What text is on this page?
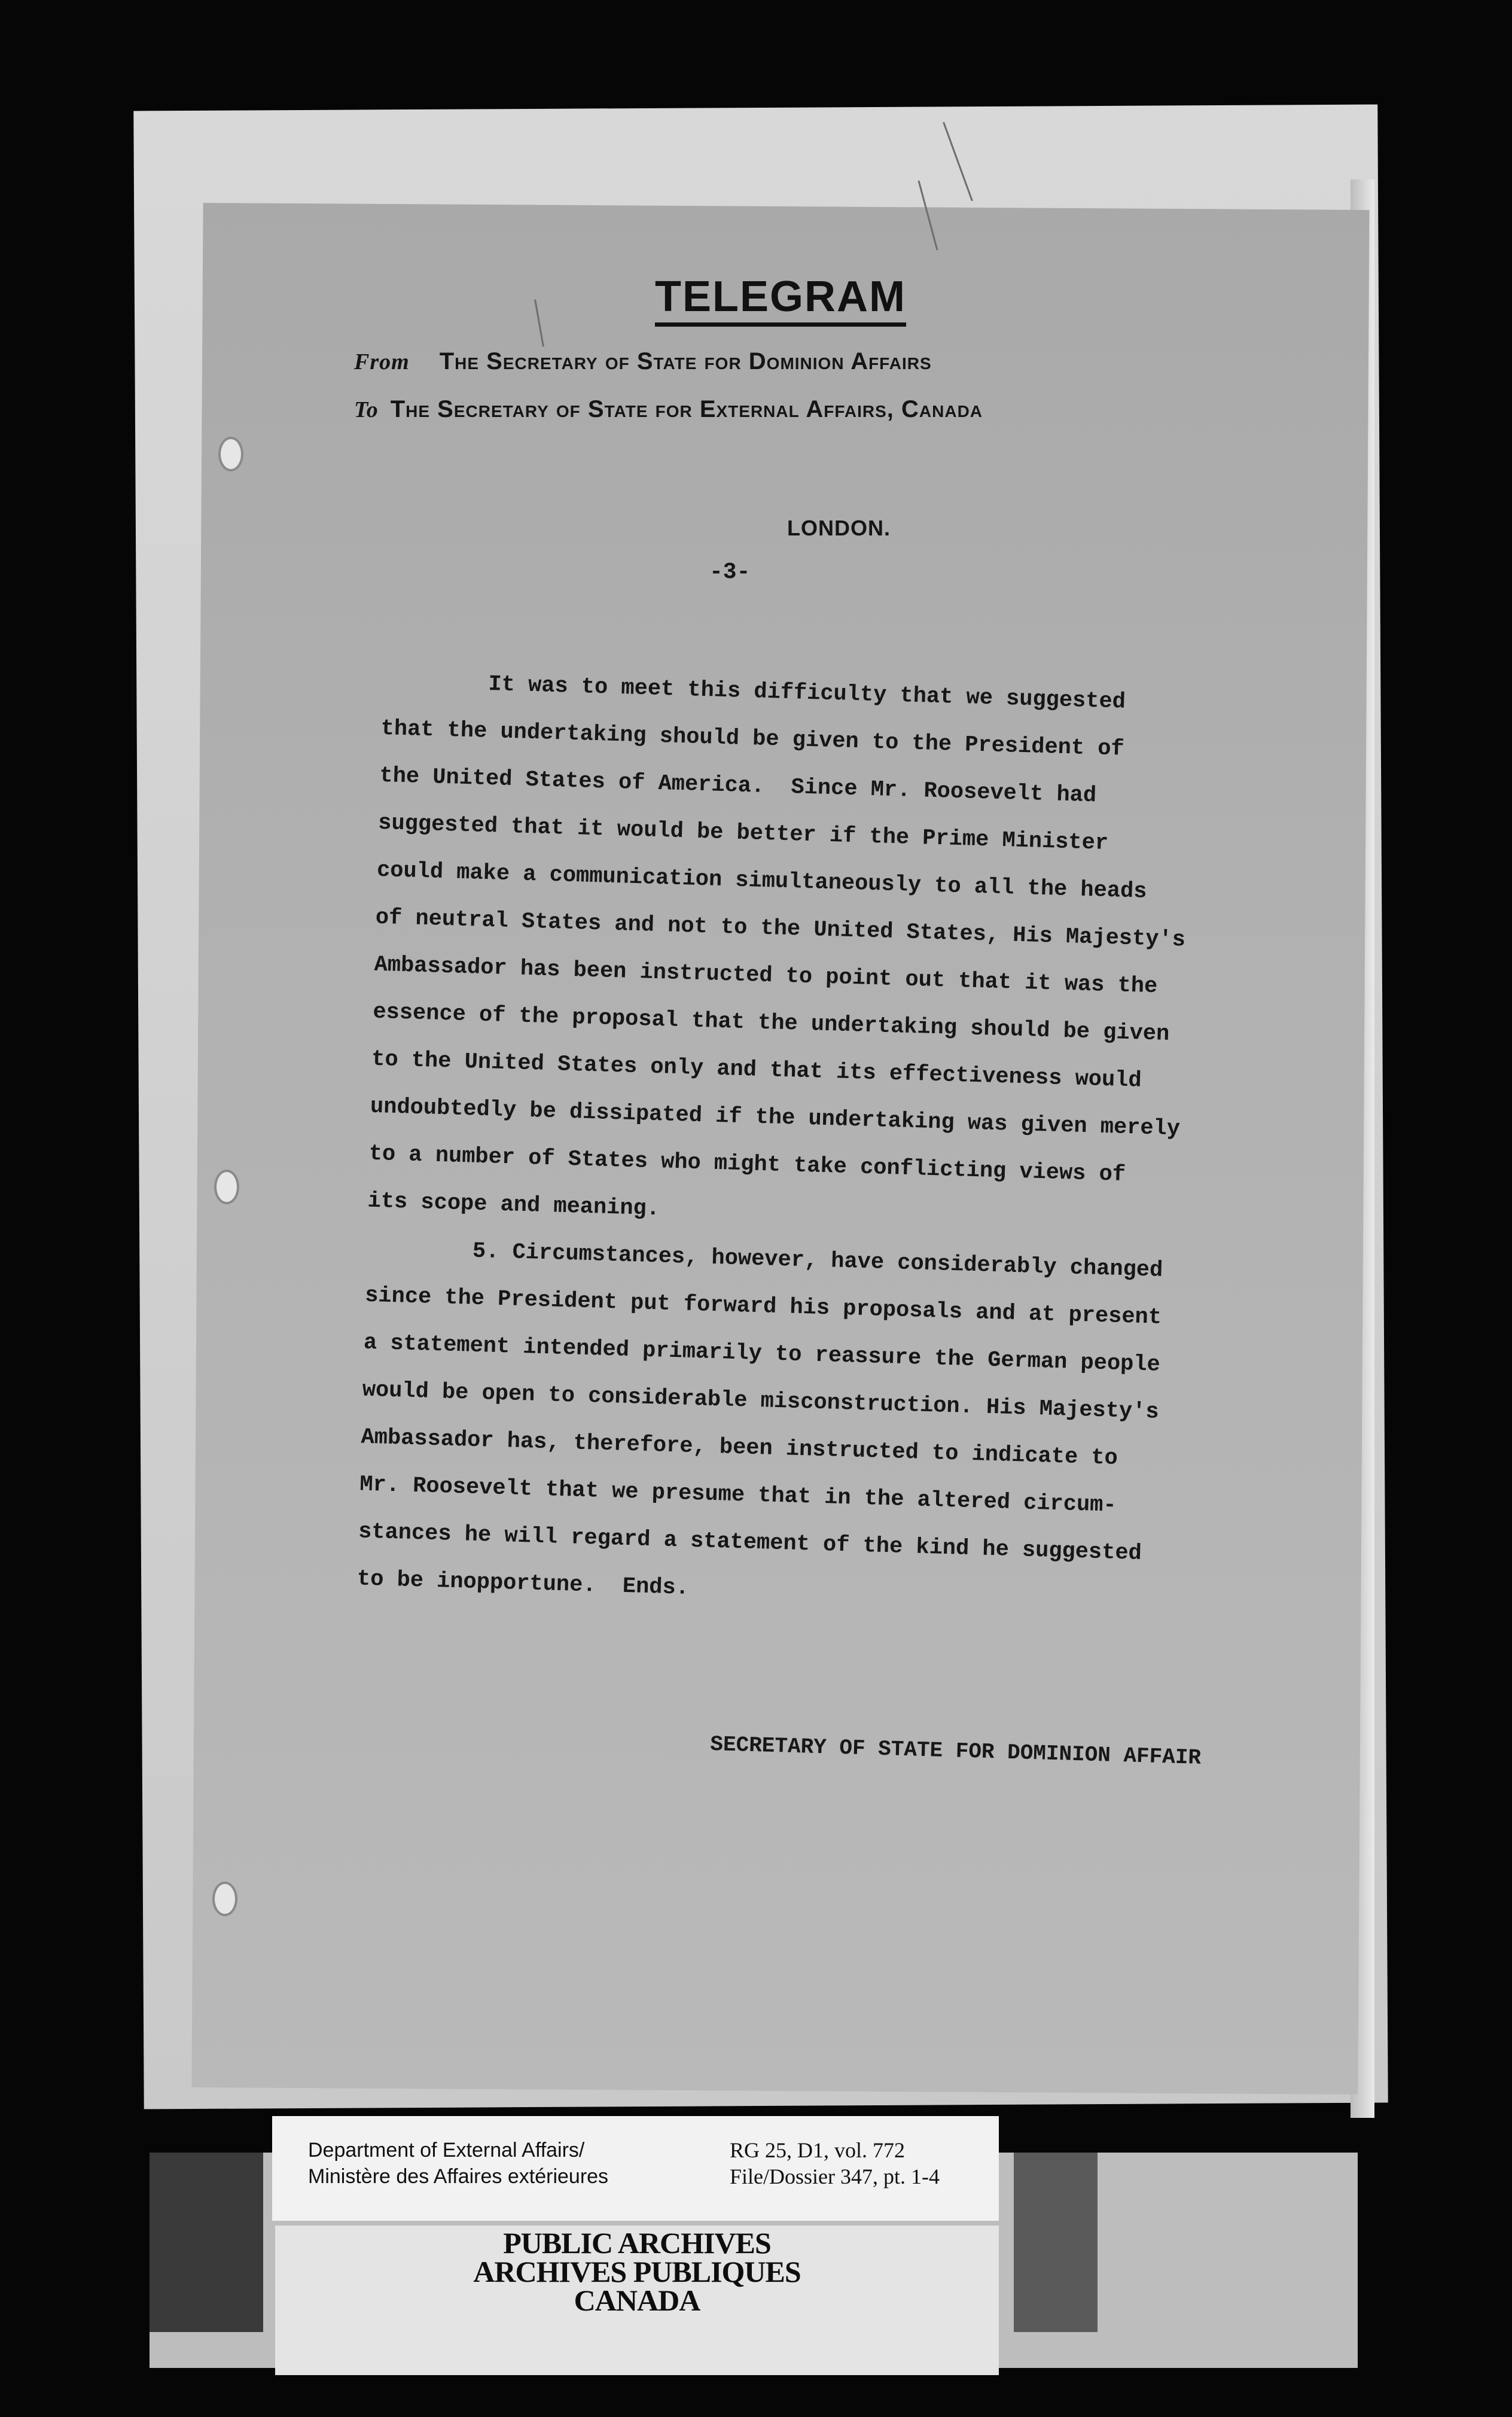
TELEGRAM
From The Secretary of State for Dominion Affairs
To The Secretary of State for External Affairs, Canada
LONDON.
-3-

It was to meet this difficulty that we suggested

that the undertaking should be given to the President of

the United States of America.  Since Mr. Roosevelt had

suggested that it would be better if the Prime Minister

could make a communication simultaneously to all the heads

of neutral States and not to the United States, His Majesty's

Ambassador has been instructed to point out that it was the

essence of the proposal that the undertaking should be given

to the United States only and that its effectiveness would

undoubtedly be dissipated if the undertaking was given merely

to a number of States who might take conflicting views of

its scope and meaning.

5. Circumstances, however, have considerably changed

since the President put forward his proposals and at present

a statement intended primarily to reassure the German people

would be open to considerable misconstruction. His Majesty's

Ambassador has, therefore, been instructed to indicate to

Mr. Roosevelt that we presume that in the altered circum-

stances he will regard a statement of the kind he suggested

to be inopportune.  Ends.

SECRETARY OF STATE FOR DOMINION AFFAIR
Department of External Affairs/
Ministère des Affaires extérieures
RG 25, D1, vol. 772
File/Dossier 347, pt. 1-4
PUBLIC ARCHIVES
ARCHIVES PUBLIQUES
CANADA
